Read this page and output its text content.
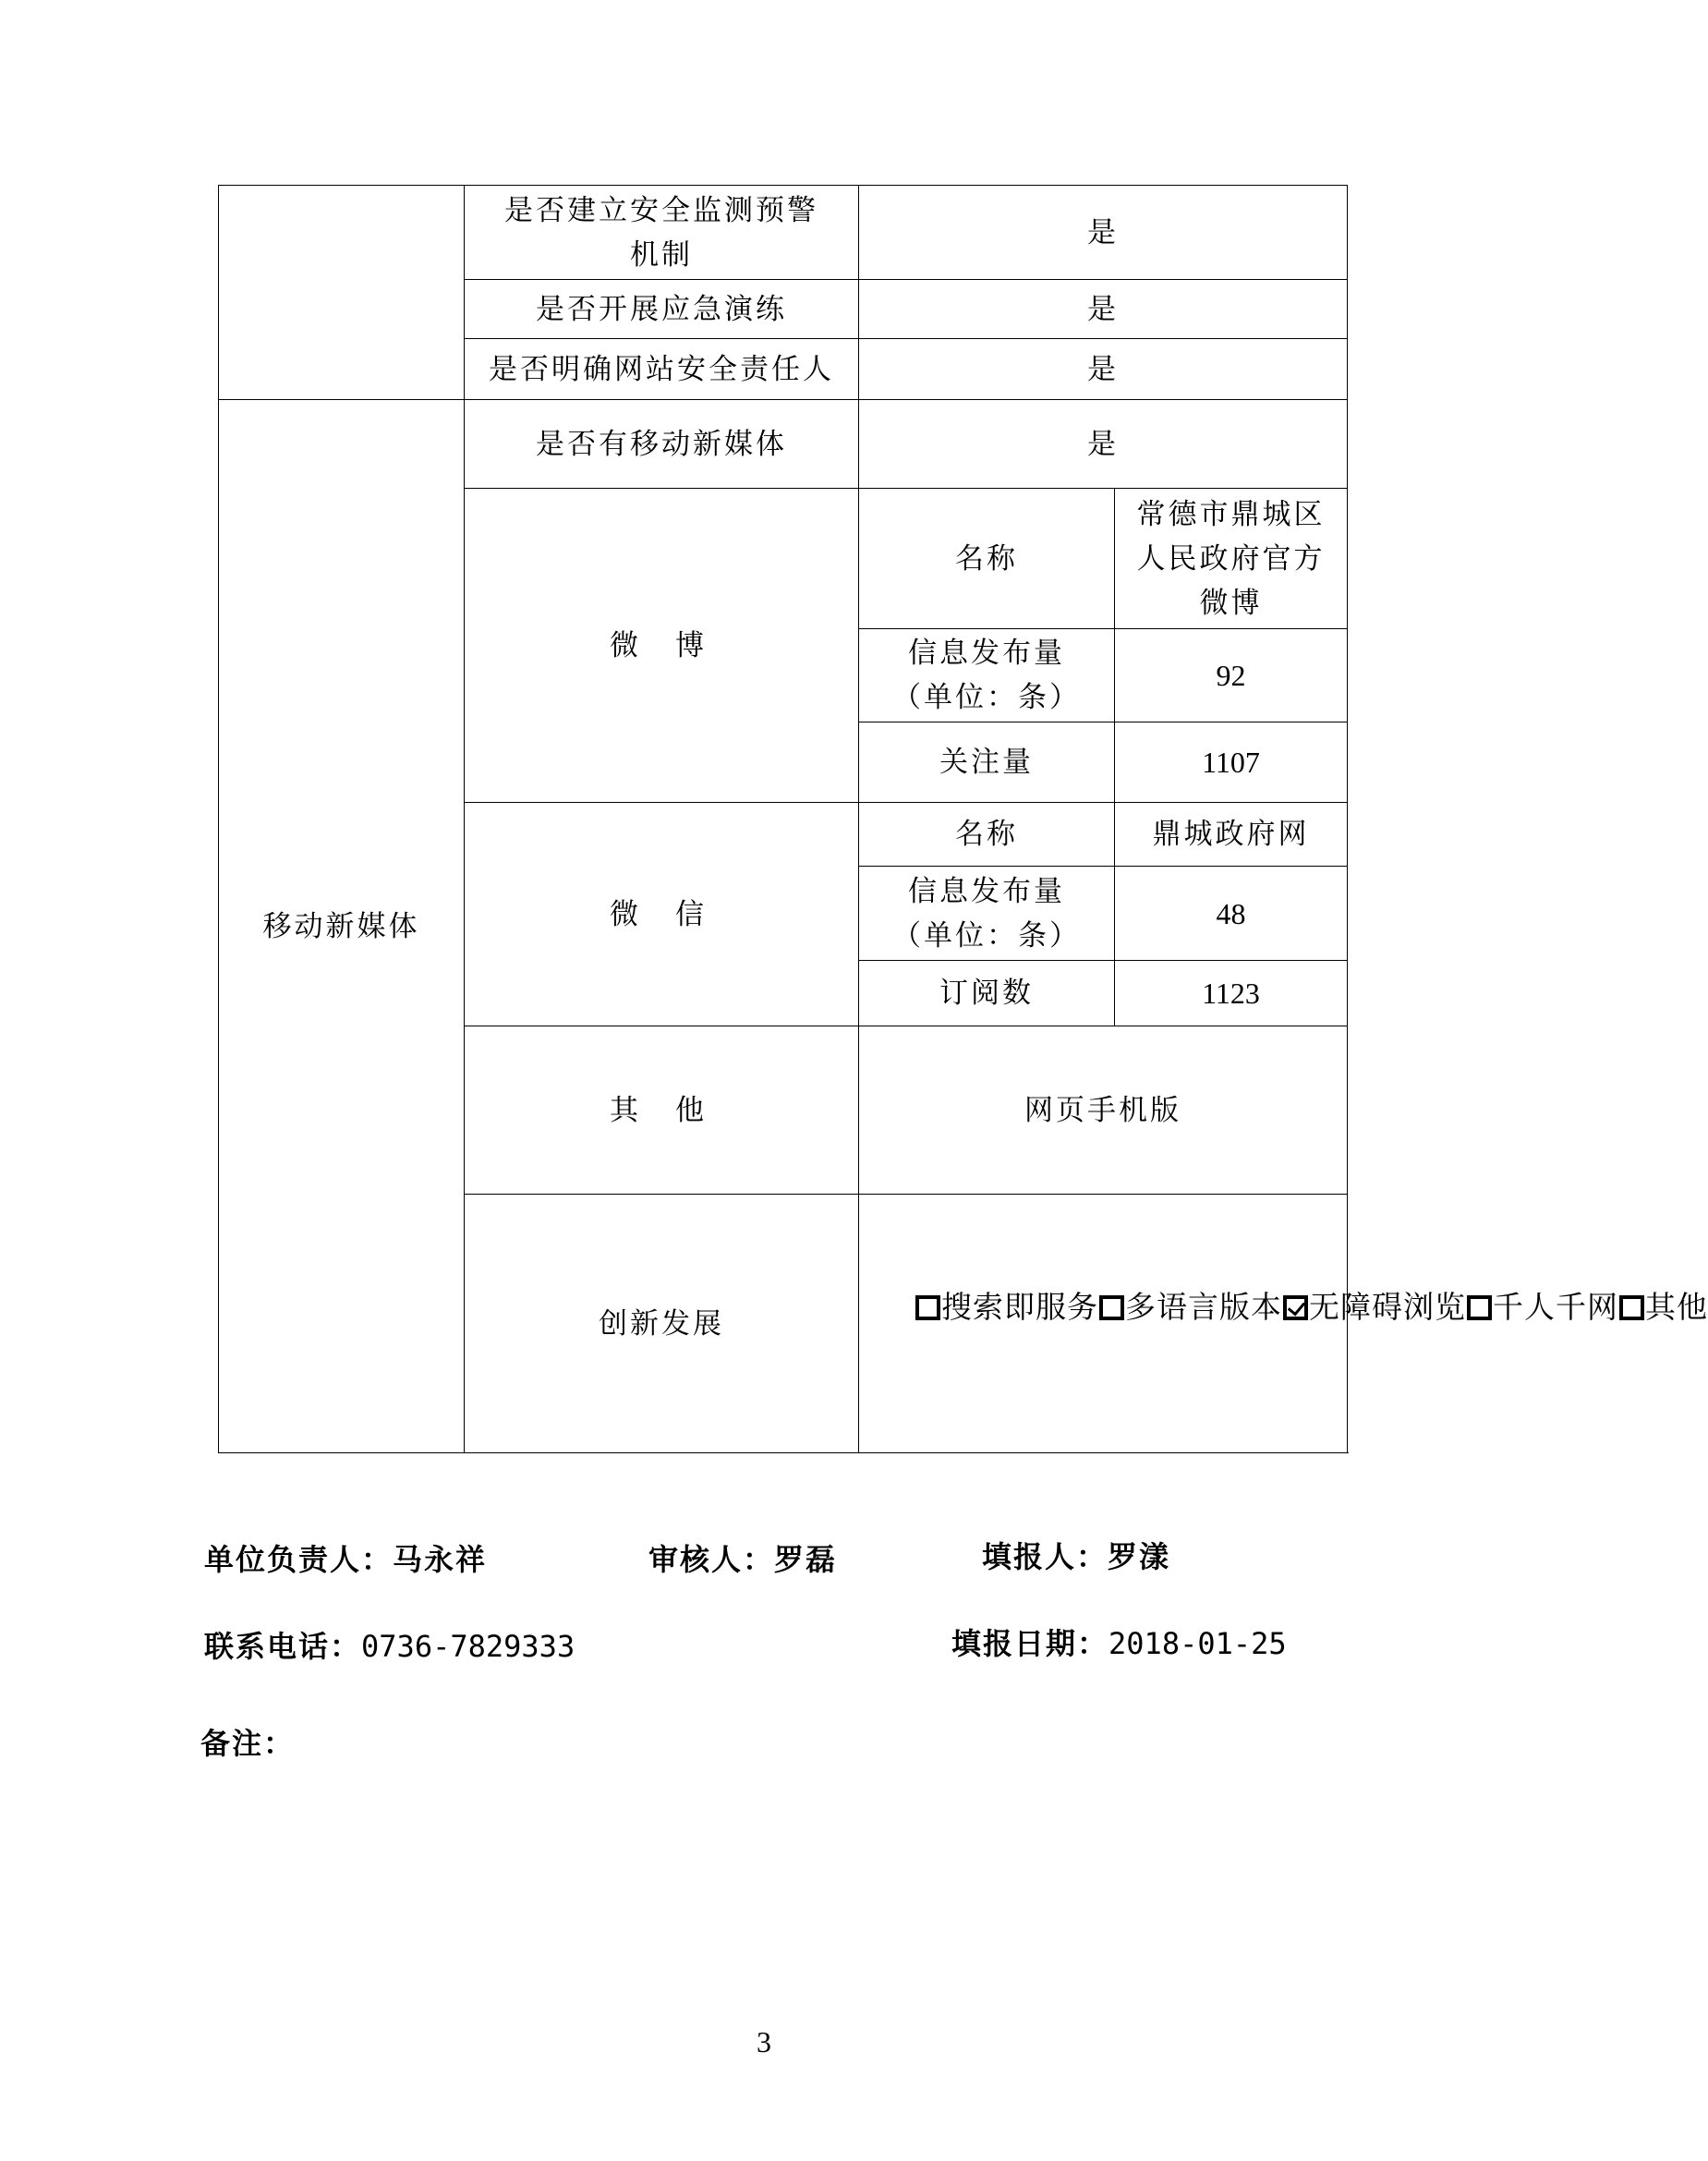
	是否建立安全监测预警机制	是	
	是否开展应急演练	是	
	是否明确网站安全责任人	是	
移动新媒体	是否有移动新媒体	是	
	微博	名称	常德市鼎城区人民政府官方微博
		信息发布量（单位：条）	92
		关注量	1107
	微信	名称	鼎城政府网
		信息发布量（单位：条）	48
		订阅数	1123
	其他	网页手机版	
	创新发展	搜索即服务 多语言版本 无障碍浏览 千人千网 其他	
单位负责人：马永祥	审核人：罗磊	填报人：罗漾
联系电话：0736-7829333	填报日期：2018-01-25
备注：
3
